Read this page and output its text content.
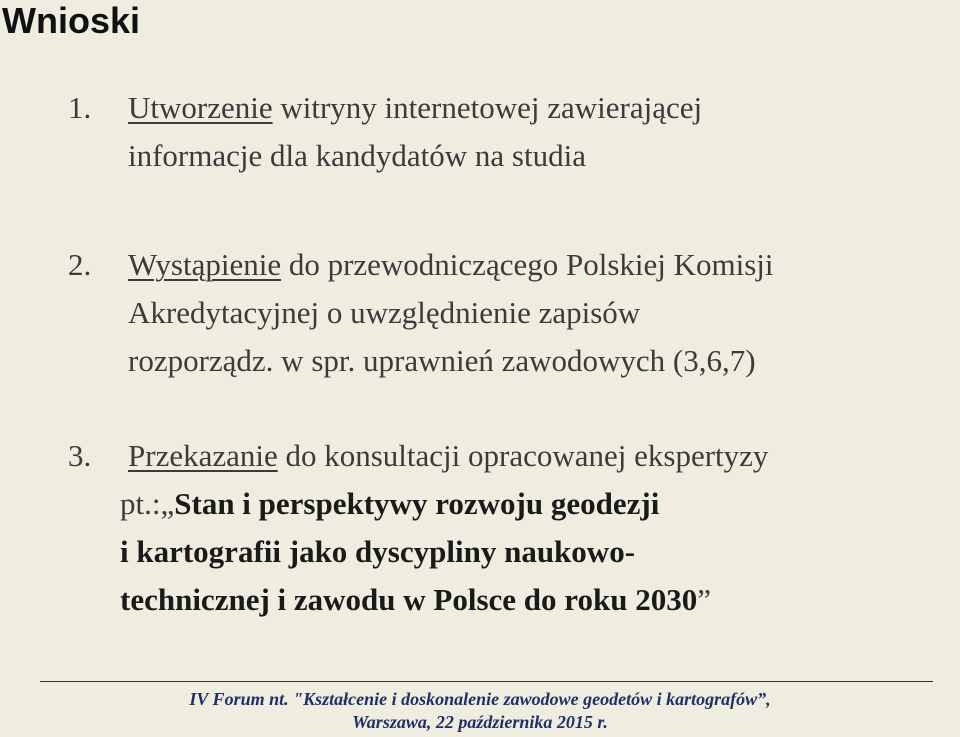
Wnioski
1. Utworzenie witryny internetowej zawierającej
informacje dla kandydatów na studia
2. Wystąpienie do przewodniczącego Polskiej Komisji
Akredytacyjnej o uwzględnienie zapisów
rozporządz. w spr. uprawnień zawodowych (3,6,7)
3. Przekazanie do konsultacji opracowanej ekspertyzy
pt.:„Stan i perspektywy rozwoju geodezji
i kartografii jako dyscypliny naukowo-
technicznej i zawodu w Polsce do roku 2030”
IV Forum nt. "Kształcenie i doskonalenie zawodowe geodetów i kartografów”,
Warszawa, 22 października 2015 r.
